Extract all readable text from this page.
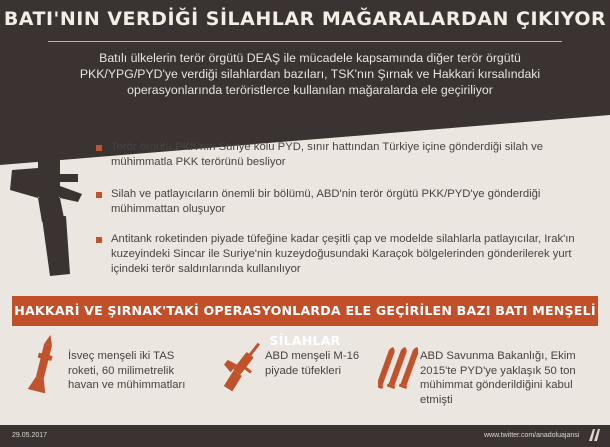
BATI'NIN VERDİĞİ SİLAHLAR MAĞARALARDAN ÇIKIYOR
Batılı ülkelerin terör örgütü DEAŞ ile mücadele kapsamında diğer terör örgütü PKK/YPG/PYD'ye verdiği silahlardan bazıları, TSK'nın Şırnak ve Hakkari kırsalındaki operasyonlarında teröristlerce kullanılan mağaralarda ele geçiriliyor
Terör örgütü PKK'nın Suriye kolu PYD, sınır hattından Türkiye içine gönderdiği silah ve mühimmatla PKK terörünü besliyor
Silah ve patlayıcıların önemli bir bölümü, ABD'nin terör örgütü PKK/PYD'ye gönderdiği mühimmattan oluşuyor
Antitank roketinden piyade tüfeğine kadar çeşitli çap ve modelde silahlarla patlayıcılar, Irak'ın kuzeyindeki Sincar ile Suriye'nin kuzeydoğusundaki Karaçok bölgelerinden gönderilerek yurt içindeki terör saldırılarında kullanılıyor
HAKKARİ VE ŞIRNAK'TAKİ OPERASYONLARDA ELE GEÇİRİLEN BAZI BATI MENŞELİ SİLAHLAR
İsveç menşeli iki TAS roketi, 60 milimetrelik havan ve mühimmatları
ABD menşeli M-16 piyade tüfekleri
ABD Savunma Bakanlığı, Ekim 2015'te PYD'ye yaklaşık 50 ton mühimmat gönderildiğini kabul etmişti
29.05.2017	www.twitter.com/anadoluajansi
